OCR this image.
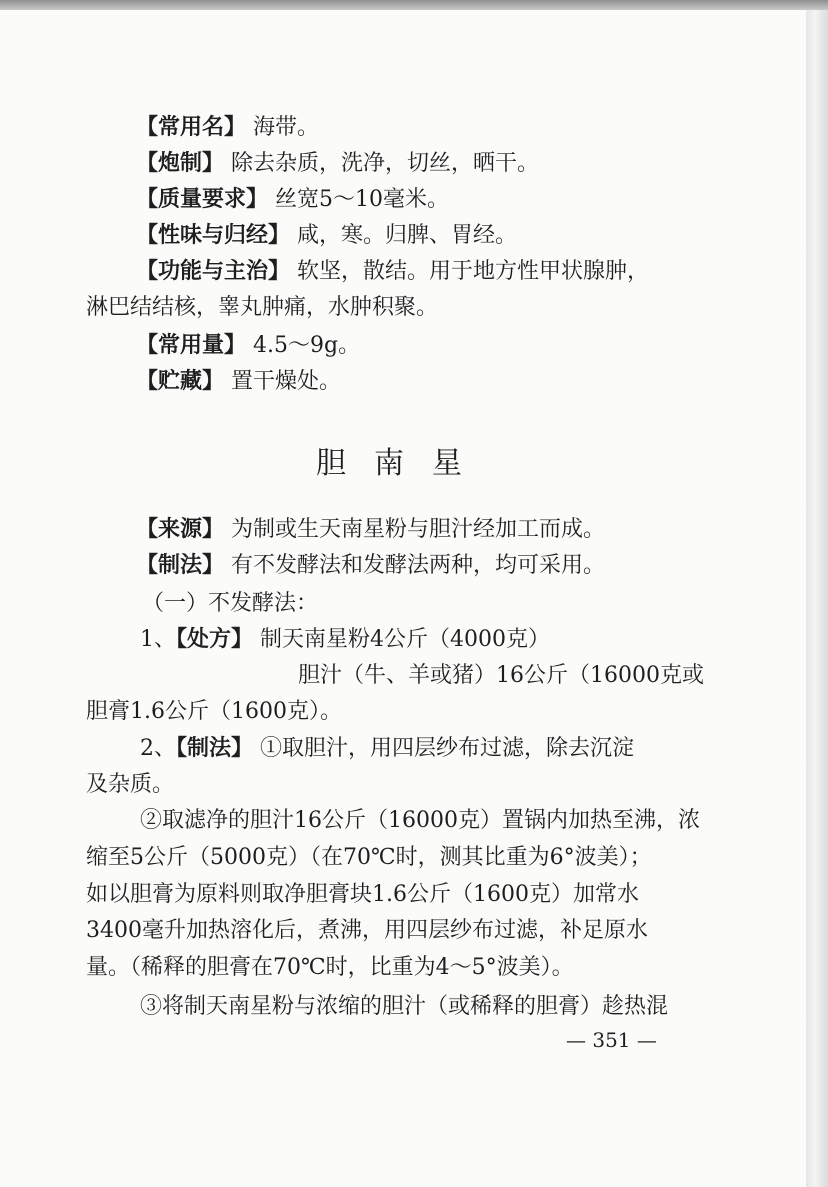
【常用名】 海带。
【炮制】 除去杂质，洗净，切丝，晒干。
【质量要求】 丝宽5～10毫米。
【性味与归经】 咸，寒。归脾、胃经。
【功能与主治】 软坚，散结。用于地方性甲状腺肿，
淋巴结结核，睾丸肿痛，水肿积聚。
【常用量】 4.5～9g。
【贮藏】 置干燥处。
胆南星
【来源】 为制或生天南星粉与胆汁经加工而成。
【制法】 有不发酵法和发酵法两种，均可采用。
（一）不发酵法：
1、【处方】 制天南星粉4公斤（4000克）
胆汁（牛、羊或猪）16公斤（16000克或
胆膏1.6公斤（1600克）。
2、【制法】 ①取胆汁，用四层纱布过滤，除去沉淀
及杂质。
②取滤净的胆汁16公斤（16000克）置锅内加热至沸，浓
缩至5公斤（5000克）（在70℃时，测其比重为6°波美）；
如以胆膏为原料则取净胆膏块1.6公斤（1600克）加常水
3400毫升加热溶化后，煮沸，用四层纱布过滤，补足原水
量。（稀释的胆膏在70℃时，比重为4～5°波美）。
③将制天南星粉与浓缩的胆汁（或稀释的胆膏）趁热混
— 351 —
